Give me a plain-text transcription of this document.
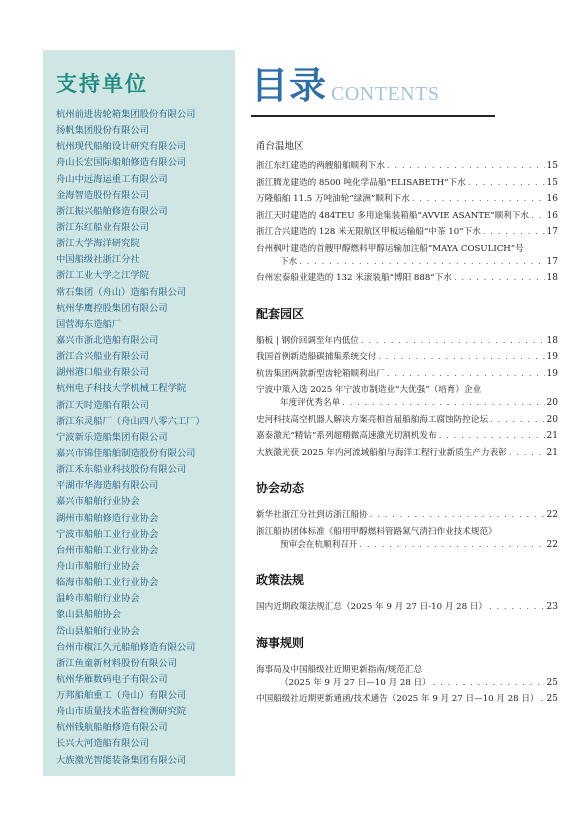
支持单位
杭州前进齿轮箱集团股份有限公司
扬帆集团股份有限公司
杭州现代船舶设计研究有限公司
舟山长宏国际船舶修造有限公司
舟山中远海运重工有限公司
金海智造股份有限公司
浙江振兴船舶修造有限公司
浙江东红船业有限公司
浙江大学海洋研究院
中国船级社浙江分社
浙江工业大学之江学院
常石集团（舟山）造船有限公司
杭州华鹰控股集团有限公司
国营海东造船厂
嘉兴市浙北造船有限公司
浙江合兴船业有限公司
湖州港口船业有限公司
杭州电子科技大学机械工程学院
浙江天时造船有限公司
浙江东灵船厂（舟山四八零六工厂）
宁波新乐造船集团有限公司
嘉兴市锦佳船舶制造股份有限公司
浙江禾东船业科技股份有限公司
平湖市华海造船有限公司
嘉兴市船舶行业协会
湖州市船舶修造行业协会
宁波市船舶工业行业协会
台州市船舶工业行业协会
舟山市船舶行业协会
临海市船舶工业行业协会
温岭市船舶行业协会
象山县船舶协会
岱山县船舶行业协会
台州市椒江久元船舶修造有限公司
浙江鱼童新材料股份有限公司
杭州华雁数码电子有限公司
万邦船舶重工（舟山）有限公司
舟山市质量技术监督检测研究院
杭州钱航船舶修造有限公司
长兴大河造船有限公司
大族激光智能装备集团有限公司
目录 CONTENTS
甬台温地区
浙江东红建造的两艘船舶顺利下水 . . .	15
浙江腾龙建造的 8500 吨化学品船“ELISABETH”下水 . . .	15
万隆船舶 11.5 万吨油轮“绿洲”顺利下水 . . .	16
浙江天时建造的 484TEU 多用途集装箱船“AVVIE ASANTE”顺利下水 . . . 16
浙江合兴建造的 128 米无限航区甲板运输船“中茶 10”下水 . . .	17
台州枫叶建造的首艘甲醇燃料甲醇运输加注船“MAYA COSULICH”号
下水 . . .	17
台州宏泰船业建造的 132 米滚装船“博阳 888”下水 . . .	18
配套园区
船板 | 钢价回调至年内低位 . . .	18
我国首例新造船碳捕集系统交付 . . .	19
杭齿集团两款新型齿轮箱顺利出厂 . . .	19
宁波中策入选 2025 年宁波市制造业“大优强”（培育）企业
年度评优秀名单 . . .	20
史河科技高空机器人解决方案亮相首届船舶海工腐蚀防控论坛 . . .	20
嘉泰激光“精钻”系列超精微高速激光切割机发布 . . .	21
大族激光获 2025 年内河流域船舶与海洋工程行业新质生产力表彰 . . .	21
协会动态
新华社浙江分社到访浙江船协 . . .	22
浙江船协团体标准《船用甲醇燃料管路氮气清扫作业技术规范》
预审会在杭顺利召开 . . .	22
政策法规
国内近期政策法规汇总（2025 年 9 月 27 日-10 月 28 日） . . .	23
海事规则
海事局及中国船级社近期更新指南/规范汇总
（2025 年 9 月 27 日—10 月 28 日） . . .	25
中国船级社近期更新通函/技术通告（2025 年 9 月 27 日—10 月 28 日） . . . 25
